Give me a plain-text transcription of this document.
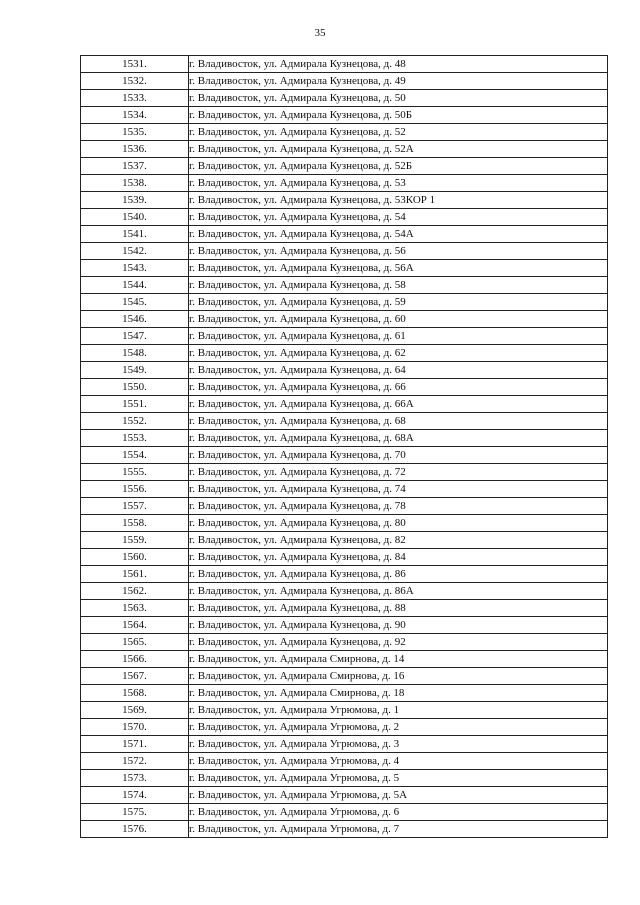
35
1531.	г. Владивосток, ул. Адмирала Кузнецова, д. 48
1532.	г. Владивосток, ул. Адмирала Кузнецова, д. 49
1533.	г. Владивосток, ул. Адмирала Кузнецова, д. 50
1534.	г. Владивосток, ул. Адмирала Кузнецова, д. 50Б
1535.	г. Владивосток, ул. Адмирала Кузнецова, д. 52
1536.	г. Владивосток, ул. Адмирала Кузнецова, д. 52А
1537.	г. Владивосток, ул. Адмирала Кузнецова, д. 52Б
1538.	г. Владивосток, ул. Адмирала Кузнецова, д. 53
1539.	г. Владивосток, ул. Адмирала Кузнецова, д. 53КОР 1
1540.	г. Владивосток, ул. Адмирала Кузнецова, д. 54
1541.	г. Владивосток, ул. Адмирала Кузнецова, д. 54А
1542.	г. Владивосток, ул. Адмирала Кузнецова, д. 56
1543.	г. Владивосток, ул. Адмирала Кузнецова, д. 56А
1544.	г. Владивосток, ул. Адмирала Кузнецова, д. 58
1545.	г. Владивосток, ул. Адмирала Кузнецова, д. 59
1546.	г. Владивосток, ул. Адмирала Кузнецова, д. 60
1547.	г. Владивосток, ул. Адмирала Кузнецова, д. 61
1548.	г. Владивосток, ул. Адмирала Кузнецова, д. 62
1549.	г. Владивосток, ул. Адмирала Кузнецова, д. 64
1550.	г. Владивосток, ул. Адмирала Кузнецова, д. 66
1551.	г. Владивосток, ул. Адмирала Кузнецова, д. 66А
1552.	г. Владивосток, ул. Адмирала Кузнецова, д. 68
1553.	г. Владивосток, ул. Адмирала Кузнецова, д. 68А
1554.	г. Владивосток, ул. Адмирала Кузнецова, д. 70
1555.	г. Владивосток, ул. Адмирала Кузнецова, д. 72
1556.	г. Владивосток, ул. Адмирала Кузнецова, д. 74
1557.	г. Владивосток, ул. Адмирала Кузнецова, д. 78
1558.	г. Владивосток, ул. Адмирала Кузнецова, д. 80
1559.	г. Владивосток, ул. Адмирала Кузнецова, д. 82
1560.	г. Владивосток, ул. Адмирала Кузнецова, д. 84
1561.	г. Владивосток, ул. Адмирала Кузнецова, д. 86
1562.	г. Владивосток, ул. Адмирала Кузнецова, д. 86А
1563.	г. Владивосток, ул. Адмирала Кузнецова, д. 88
1564.	г. Владивосток, ул. Адмирала Кузнецова, д. 90
1565.	г. Владивосток, ул. Адмирала Кузнецова, д. 92
1566.	г. Владивосток, ул. Адмирала Смирнова, д. 14
1567.	г. Владивосток, ул. Адмирала Смирнова, д. 16
1568.	г. Владивосток, ул. Адмирала Смирнова, д. 18
1569.	г. Владивосток, ул. Адмирала Угрюмова, д. 1
1570.	г. Владивосток, ул. Адмирала Угрюмова, д. 2
1571.	г. Владивосток, ул. Адмирала Угрюмова, д. 3
1572.	г. Владивосток, ул. Адмирала Угрюмова, д. 4
1573.	г. Владивосток, ул. Адмирала Угрюмова, д. 5
1574.	г. Владивосток, ул. Адмирала Угрюмова, д. 5А
1575.	г. Владивосток, ул. Адмирала Угрюмова, д. 6
1576.	г. Владивосток, ул. Адмирала Угрюмова, д. 7
